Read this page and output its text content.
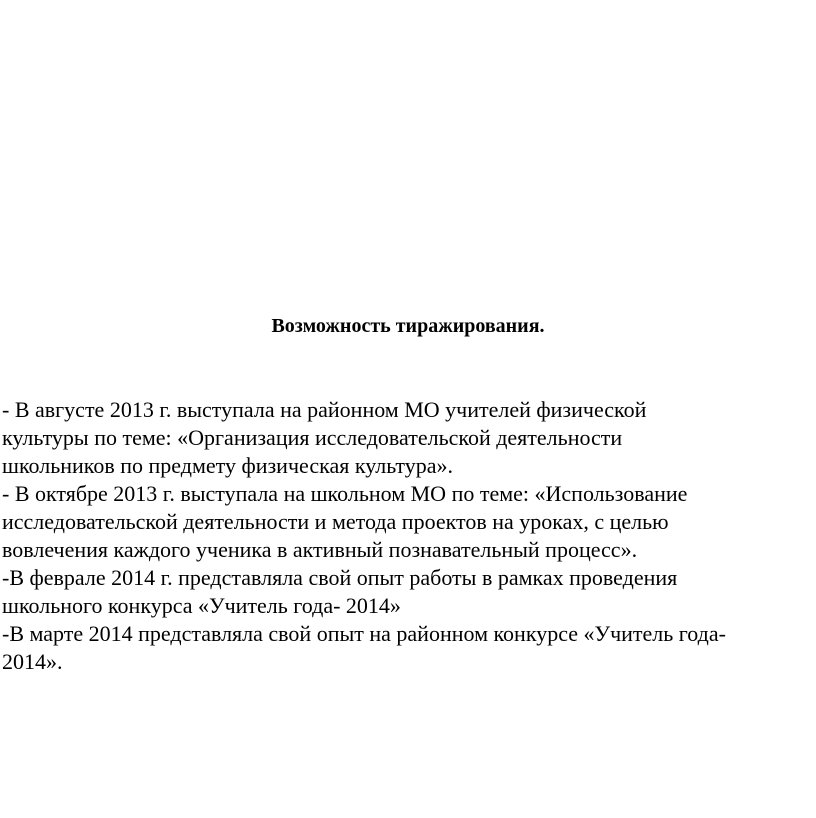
Возможность тиражирования.

- В августе 2013 г. выступала на районном МО учителей физической

культуры по теме: «Организация исследовательской деятельности

школьников по предмету физическая культура».

- В октябре 2013 г. выступала на школьном МО по теме: «Использование

исследовательской деятельности и метода проектов на уроках, с целью

вовлечения каждого ученика в активный познавательный процесс».

-В феврале 2014 г. представляла свой опыт работы в рамках проведения

школьного конкурса «Учитель года- 2014»

-В марте 2014 представляла свой опыт на районном конкурсе «Учитель года-

2014».
